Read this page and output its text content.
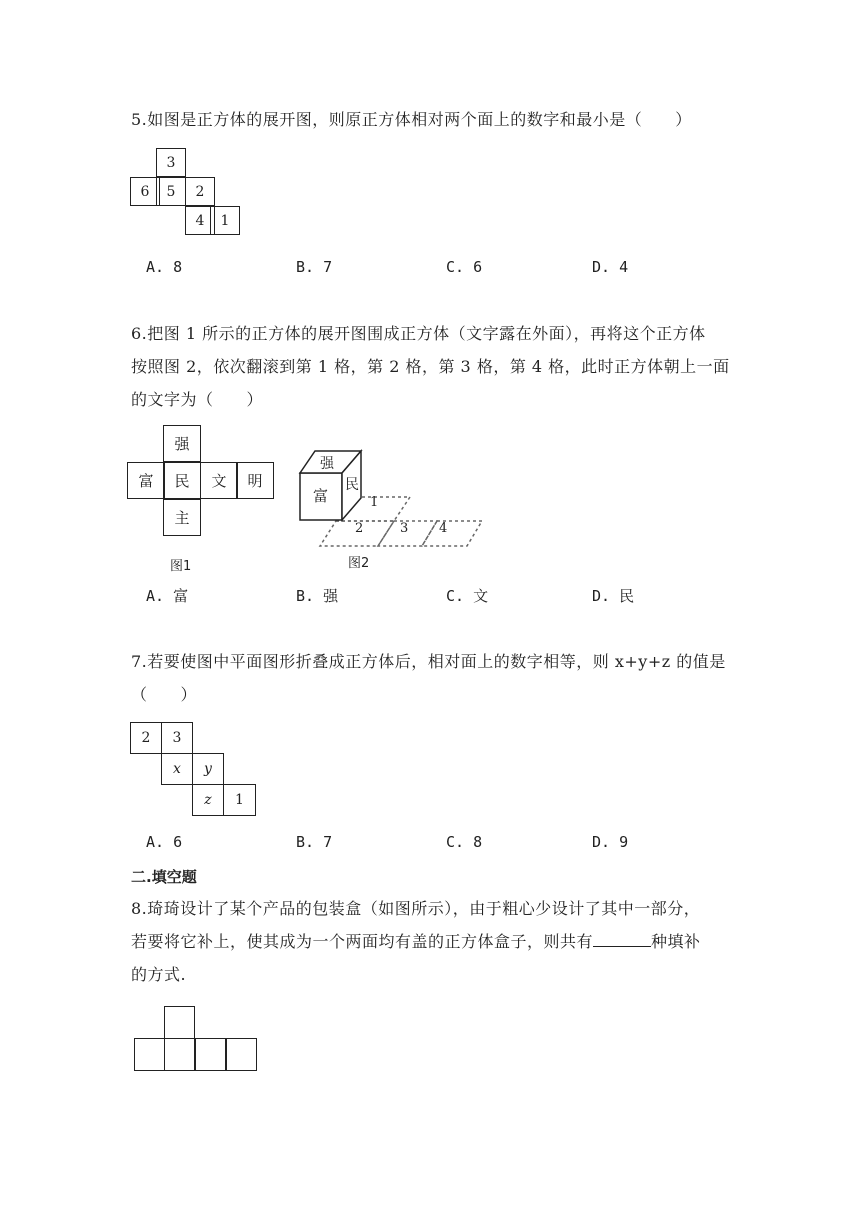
5.如图是正方体的展开图，则原正方体相对两个面上的数字和最小是（　　）
3
6	5	2
4	1
A. 8	B. 7	C. 6	D. 4
6.把图 1 所示的正方体的展开图围成正方体（文字露在外面），再将这个正方体
按照图 2，依次翻滚到第 1 格，第 2 格，第 3 格，第 4 格，此时正方体朝上一面
的文字为（　　）
强
富	民	文	明
主
图1
强
富
民
1
2	3 4
图2
A. 富	B. 强	C. 文	D. 民
7.若要使图中平面图形折叠成正方体后，相对面上的数字相等，则 x+y+z 的值是
（　　）
2	3
x	y
z	1
A. 6	B. 7	C. 8	D. 9
二.填空题
8.琦琦设计了某个产品的包装盒（如图所示），由于粗心少设计了其中一部分，
若要将它补上，使其成为一个两面均有盖的正方体盒子，则共有	种填补
的方式.
